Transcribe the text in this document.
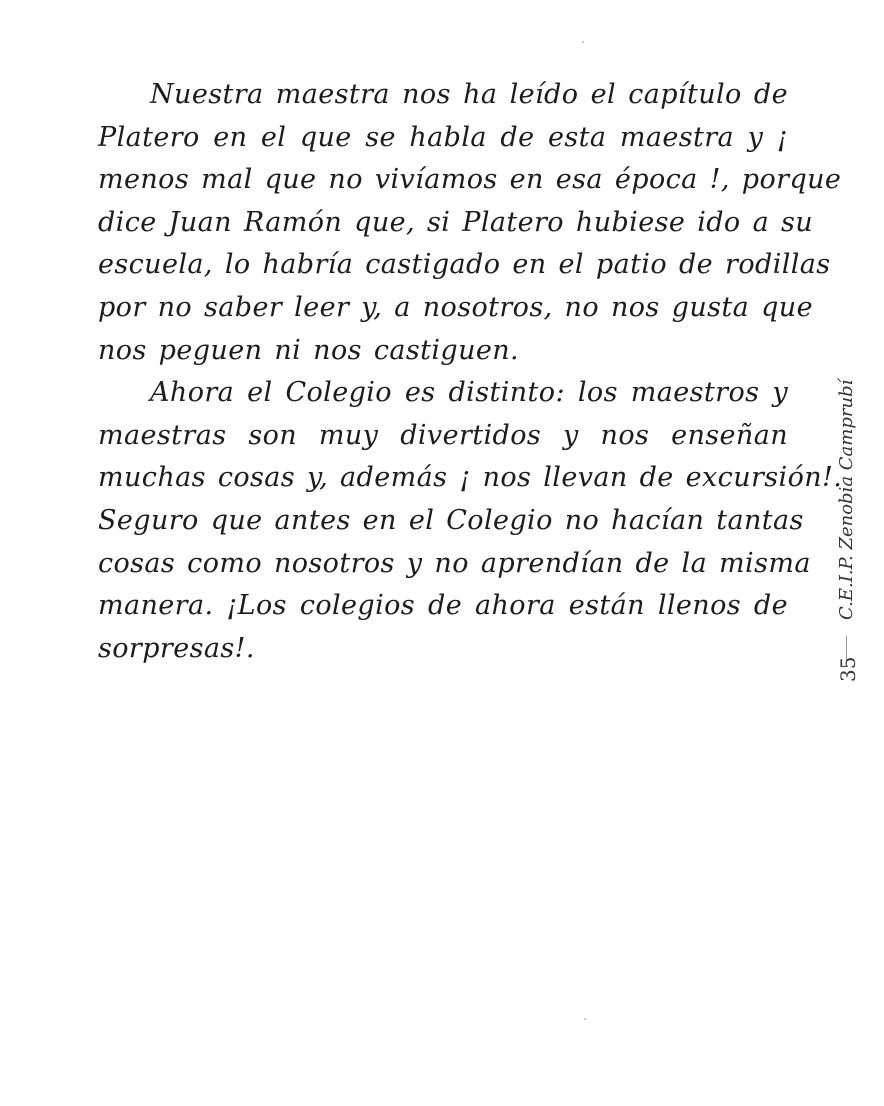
Nuestra maestra nos ha leído el capítulo de
Platero en el que se habla de esta maestra y ¡
menos mal que no vivíamos en esa época !, porque
dice Juan Ramón que, si Platero hubiese ido a su
escuela, lo habría castigado en el patio de rodillas
por no saber leer y, a nosotros, no nos gusta que
nos peguen ni nos castiguen.
Ahora el Colegio es distinto: los maestros y
maestras son muy divertidos y nos enseñan
muchas cosas y, además ¡ nos llevan de excursión!.
Seguro que antes en el Colegio no hacían tantas
cosas como nosotros y no aprendían de la misma
manera. ¡Los colegios de ahora están llenos de
sorpresas!.
C.E.I.P. Zenobia Camprubí
35
